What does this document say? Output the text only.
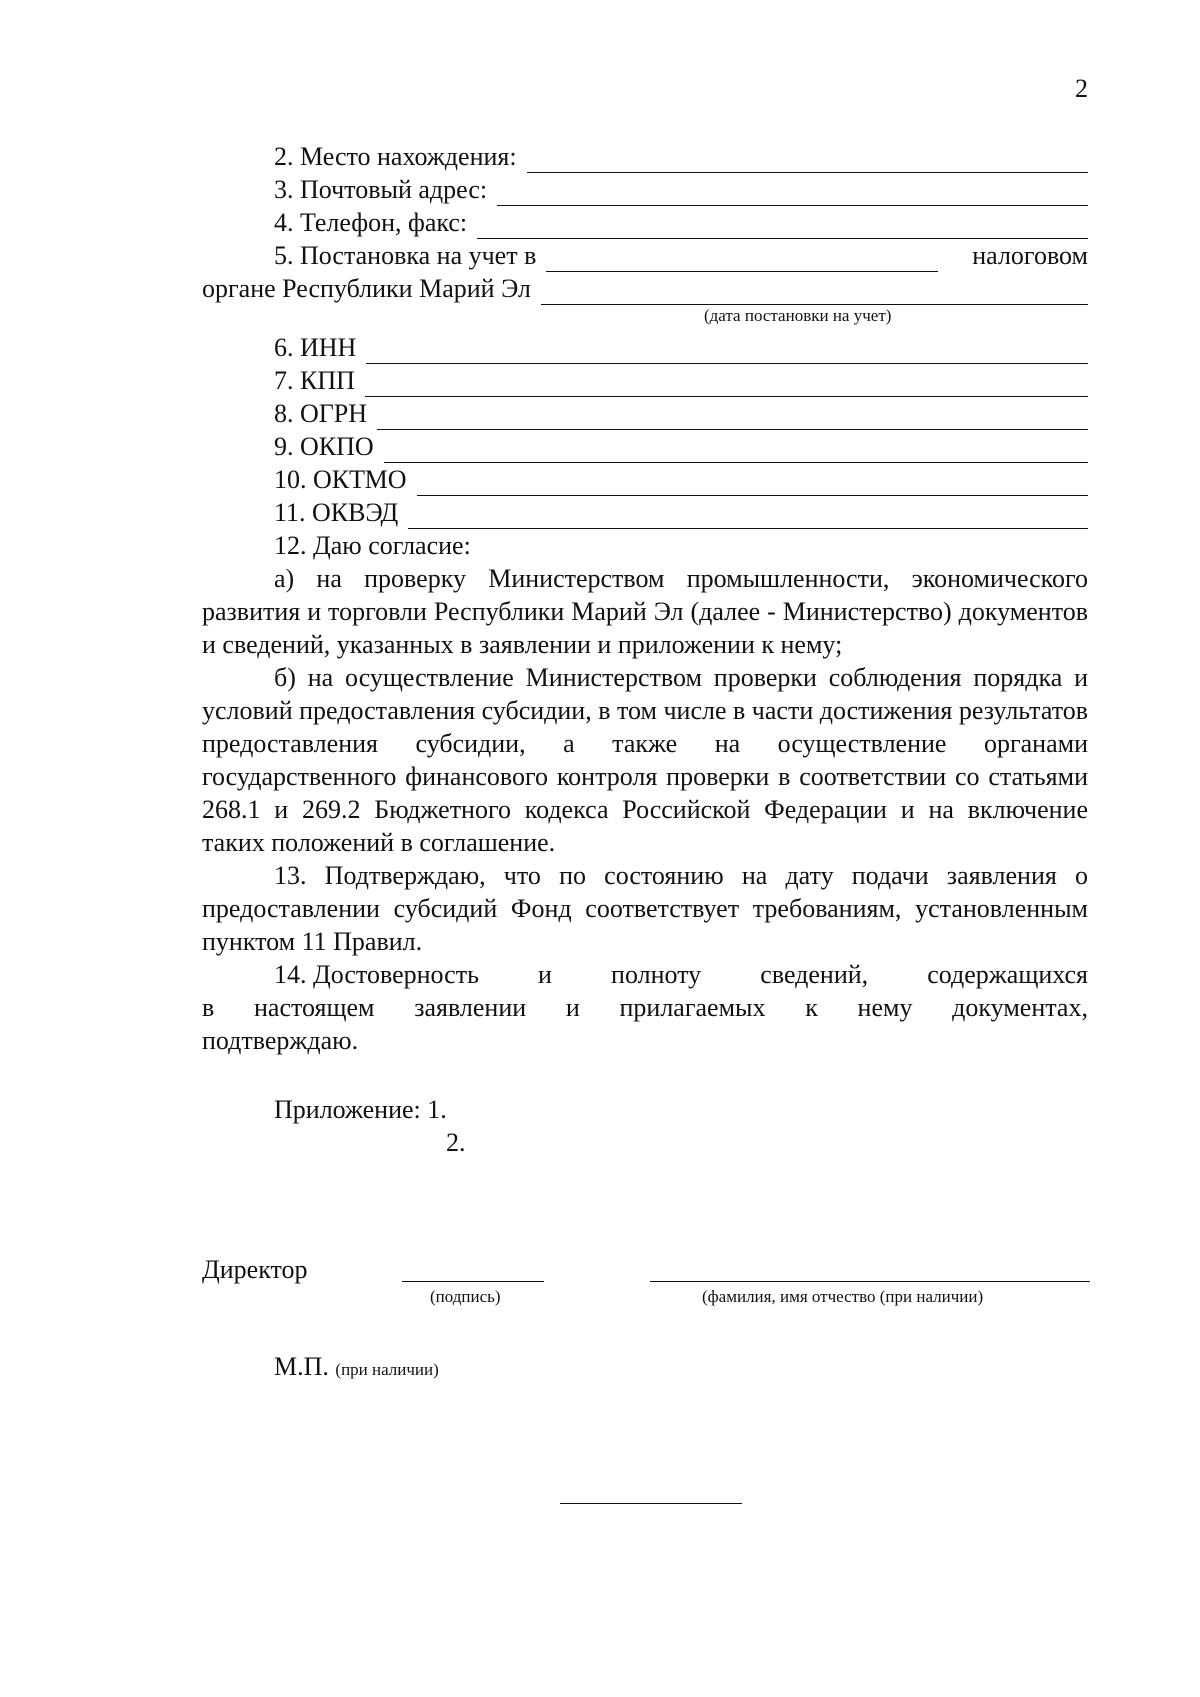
2
2. Место нахождения:
3. Почтовый адрес:
4. Телефон, факс:
5. Постановка на учет в	налоговом
органе Республики Марий Эл
(дата постановки на учет)
6. ИНН
7. КПП
8. ОГРН
9. ОКПО
10. ОКТМО
11. ОКВЭД

12. Даю согласие:

а) на проверку Министерством промышленности, экономического развития и торговли Республики Марий Эл (далее - Министерство) документов и сведений, указанных в заявлении и приложении к нему;

б) на осуществление Министерством проверки соблюдения порядка и условий предоставления субсидии, в том числе в части достижения результатов предоставления субсидии, а также на осуществление органами государственного финансового контроля проверки в соответствии со статьями 268.1 и 269.2 Бюджетного кодекса Российской Федерации и на включение таких положений в соглашение.

13. Подтверждаю, что по состоянию на дату подачи заявления о предоставлении субсидий Фонд соответствует требованиям, установленным пунктом 11 Правил.

14. Достоверность и полноту сведений, содержащихся
в настоящем заявлении и прилагаемых к нему документах,
подтверждаю.
Приложение: 1.
2.
Директор
(подпись)	(фамилия, имя отчество (при наличии)
М.П. (при наличии)
